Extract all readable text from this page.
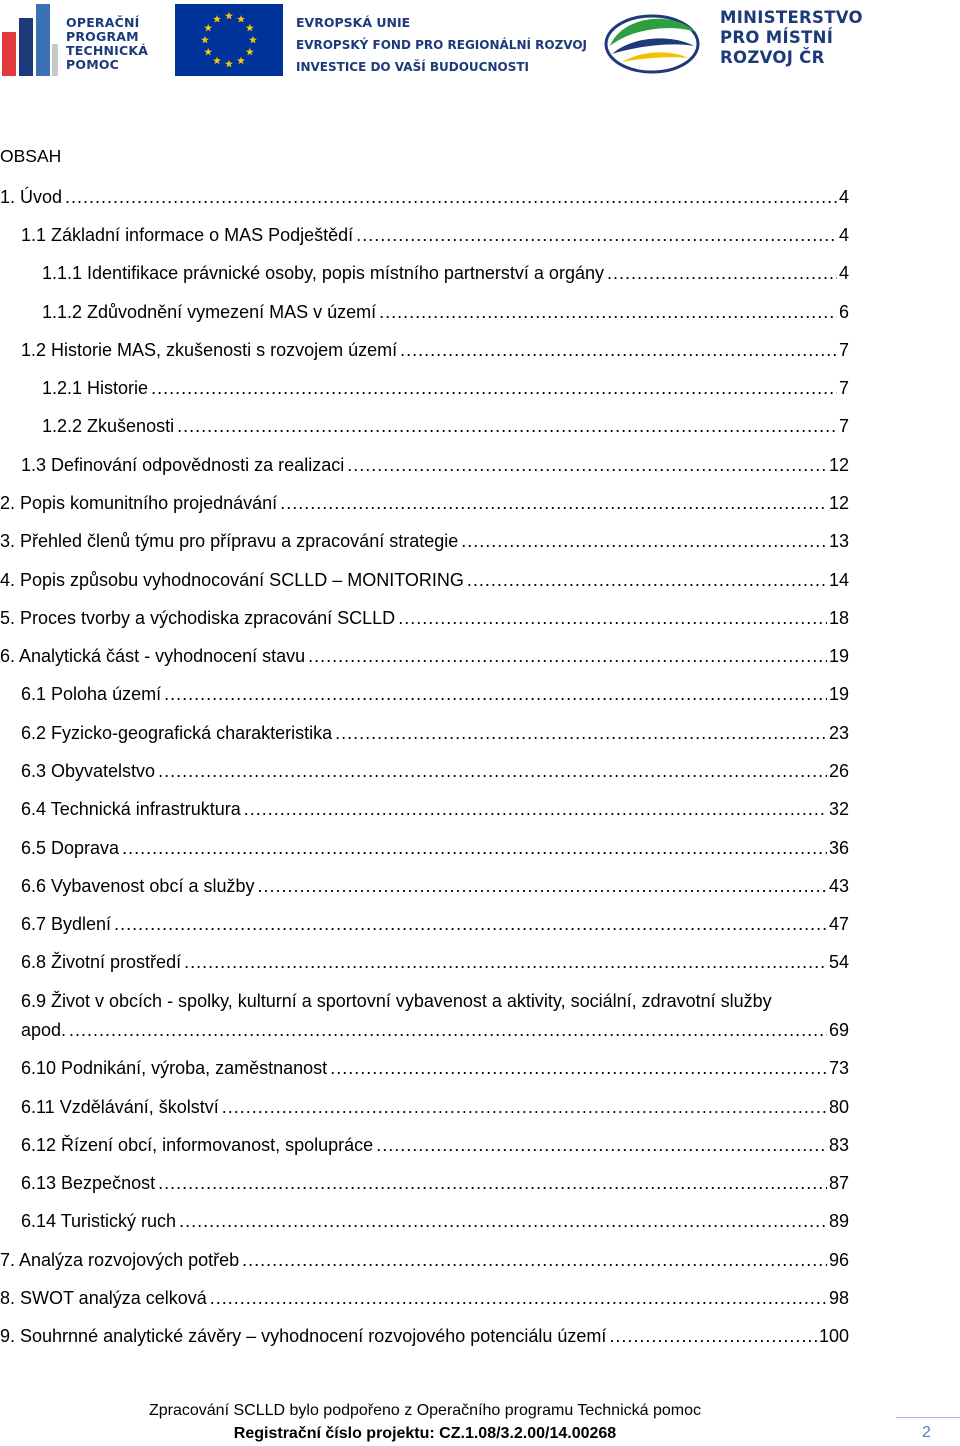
OPERAČNÍ
PROGRAM
TECHNICKÁ
POMOC
EVROPSKÁ UNIE
EVROPSKÝ FOND PRO REGIONÁLNÍ ROZVOJ
INVESTICE DO VAŠÍ BUDOUCNOSTI
MINISTERSTVO
PRO MÍSTNÍ
ROZVOJ ČR
OBSAH
1. Úvod .....	4
1.1 Základní informace o MAS Podještědí .....	4
1.1.1 Identifikace právnické osoby, popis místního partnerství a orgány .....	4
1.1.2 Zdůvodnění vymezení MAS v území .....	6
1.2 Historie MAS, zkušenosti s rozvojem území .....	7
1.2.1 Historie .....	7
1.2.2 Zkušenosti .....	7
1.3 Definování odpovědnosti za realizaci .....	12
2. Popis komunitního projednávání .....	12
3. Přehled členů týmu pro přípravu a zpracování strategie .....	13
4. Popis způsobu vyhodnocování SCLLD – MONITORING .....	14
5. Proces tvorby a východiska zpracování SCLLD .....	18
6. Analytická část - vyhodnocení stavu .....	19
6.1 Poloha území .....	19
6.2 Fyzicko-geografická charakteristika .....	23
6.3 Obyvatelstvo .....	26
6.4 Technická infrastruktura .....	32
6.5 Doprava .....	36
6.6 Vybavenost obcí a služby .....	43
6.7 Bydlení .....	47
6.8 Životní prostředí .....	54
6.9 Život v obcích - spolky, kulturní a sportovní vybavenost a aktivity, sociální, zdravotní služby
apod. .....	69
6.10 Podnikání, výroba, zaměstnanost .....	73
6.11 Vzdělávání, školství .....	80
6.12 Řízení obcí, informovanost, spolupráce .....	83
6.13 Bezpečnost .....	87
6.14 Turistický ruch .....	89
7. Analýza rozvojových potřeb .....	96
8. SWOT analýza celková .....	98
9. Souhrnné analytické závěry – vyhodnocení rozvojového potenciálu území .....	100
Zpracování SCLLD bylo podpořeno z Operačního programu Technická pomoc
Registrační číslo projektu: CZ.1.08/3.2.00/14.00268	2
